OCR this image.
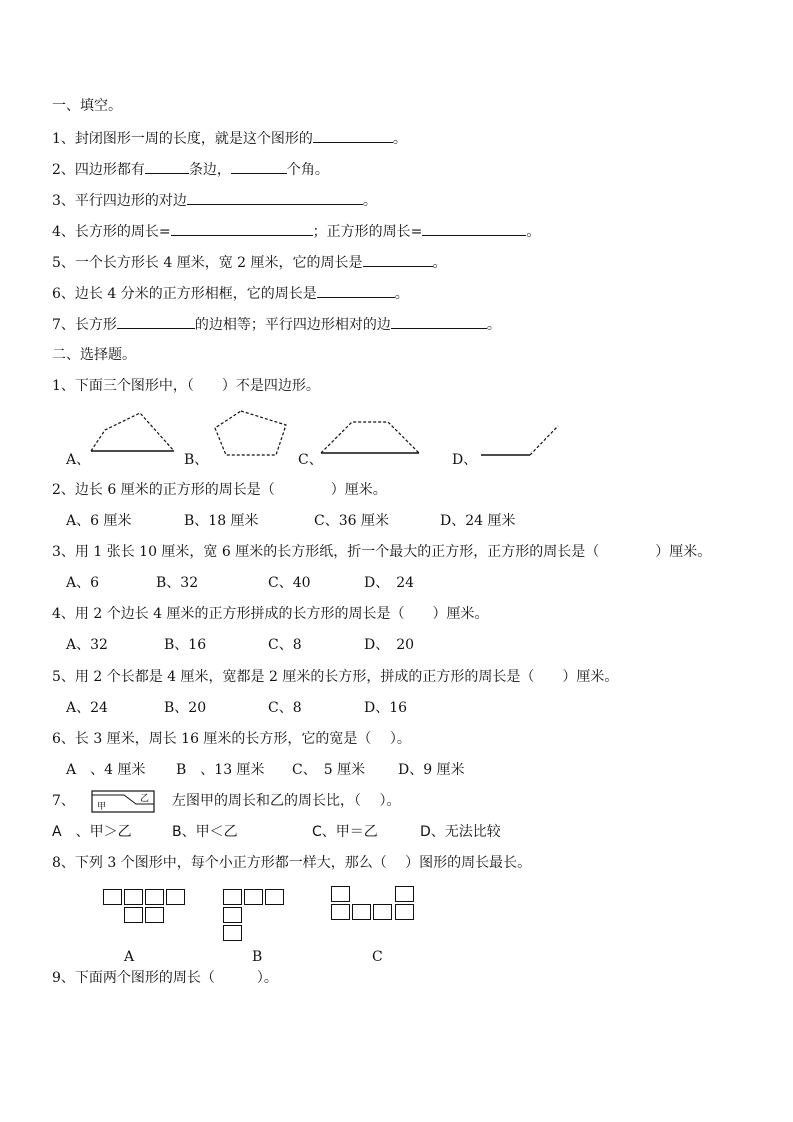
一、填空。
1、封闭图形一周的长度，就是这个图形的	。
2、四边形都有	条边，	个角。
3、平行四边形的对边	。
4、长方形的周长=	；正方形的周长=	。
5、一个长方形长 4 厘米，宽 2 厘米，它的周长是	。
6、边长 4 分米的正方形相框，它的周长是	。
7、长方形	的边相等；平行四边形相对的边	。
二、选择题。
1、下面三个图形中，（　　）不是四边形。
A、	B、	C、	D、
2、边长 6 厘米的正方形的周长是（　　　　）厘米。
A、6 厘米	B、18 厘米	C、36 厘米	D、24 厘米
3、用 1 张长 10 厘米，宽 6 厘米的长方形纸，折一个最大的正方形，正方形的周长是（　　　　）厘米。
A、6	B、32	C、40	D、　24
4、用 2 个边长 4 厘米的正方形拼成的长方形的周长是（　　）厘米。
A、32	B、16	C、8	D、　20
5、用 2 个长都是 4 厘米，宽都是 2 厘米的长方形，拼成的正方形的周长是（　　）厘米。
A、24	B、20	C、8	D、16
6、长 3 厘米，周长 16 厘米的长方形，它的宽是（　 ）。
A　、4 厘米 B　、13 厘米 C、　5 厘米 D、9 厘米
7、 甲
乙 左图甲的周长和乙的周长比，（　 ）。
A　、甲＞乙	B、甲＜乙	C、甲＝乙	D、无法比较
8、下列 3 个图形中，每个小正方形都一样大，那么（　 ）图形的周长最长。
A	B	C
9、下面两个图形的周长（　　　）。
